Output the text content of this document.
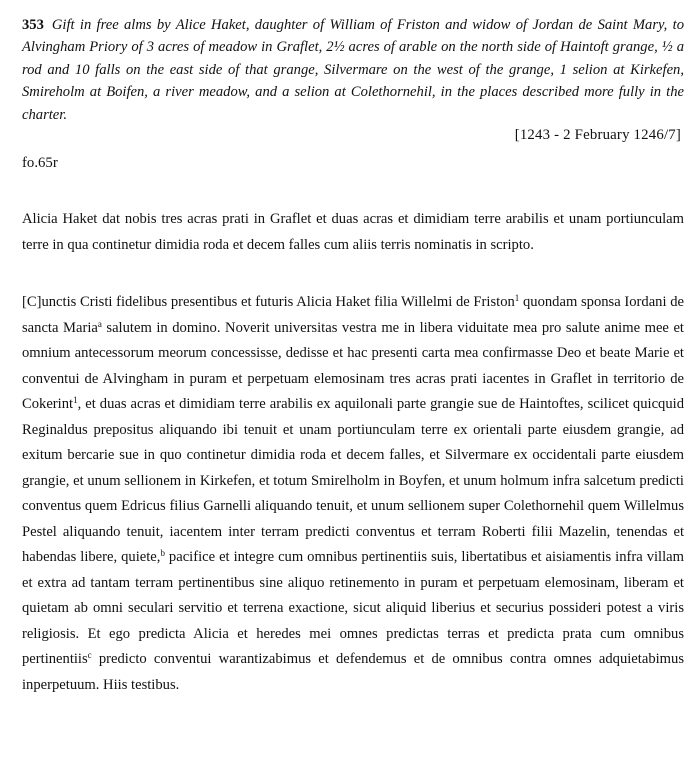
353 Gift in free alms by Alice Haket, daughter of William of Friston and widow of Jordan de Saint Mary, to Alvingham Priory of 3 acres of meadow in Graflet, 2½ acres of arable on the north side of Haintoft grange, ½ a rod and 10 falls on the east side of that grange, Silvermare on the west of the grange, 1 selion at Kirkefen, Smireholm at Boifen, a river meadow, and a selion at Colethornehil, in the places described more fully in the charter.
[1243 - 2 February 1246/7]
fo.65r
Alicia Haket dat nobis tres acras prati in Graflet et duas acras et dimidiam terre arabilis et unam portiunculam terre in qua continetur dimidia roda et decem falles cum aliis terris nominatis in scripto.
[C]unctis Cristi fidelibus presentibus et futuris Alicia Haket filia Willelmi de Friston$^1$ quondam sponsa Iordani de sancta Maria$^a$ salutem in domino. Noverit universitas vestra me in libera viduitate mea pro salute anime mee et omnium antecessorum meorum concessisse, dedisse et hac presenti carta mea confirmasse Deo et beate Marie et conventui de Alvingham in puram et perpetuam elemosinam tres acras prati iacentes in Graflet in territorio de Cokerint$^1$, et duas acras et dimidiam terre arabilis ex aquilonali parte grangie sue de Haintoftes, scilicet quicquid Reginaldus prepositus aliquando ibi tenuit et unam portiunculam terre ex orientali parte eiusdem grangie, ad exitum bercarie sue in quo continetur dimidia roda et decem falles, et Silvermare ex occidentali parte eiusdem grangie, et unum sellionem in Kirkefen, et totum Smirelholm in Boyfen, et unum holmum infra salcetum predicti conventus quem Edricus filius Garnelli aliquando tenuit, et unum sellionem super Colethornehil quem Willelmus Pestel aliquando tenuit, iacentem inter terram predicti conventus et terram Roberti filii Mazelin, tenendas et habendas libere, quiete,$^b$ pacifice et integre cum omnibus pertinentiis suis, libertatibus et aisiamentis infra villam et extra ad tantam terram pertinentibus sine aliquo retinemento in puram et perpetuam elemosinam, liberam et quietam ab omni seculari servitio et terrena exactione, sicut aliquid liberius et securius possideri potest a viris religiosis. Et ego predicta Alicia et heredes mei omnes predictas terras et predicta prata cum omnibus pertinentiis$^c$ predicto conventui warantizabimus et defendemus et de omnibus contra omnes adquietabimus inperpetuum. Hiis testibus.
